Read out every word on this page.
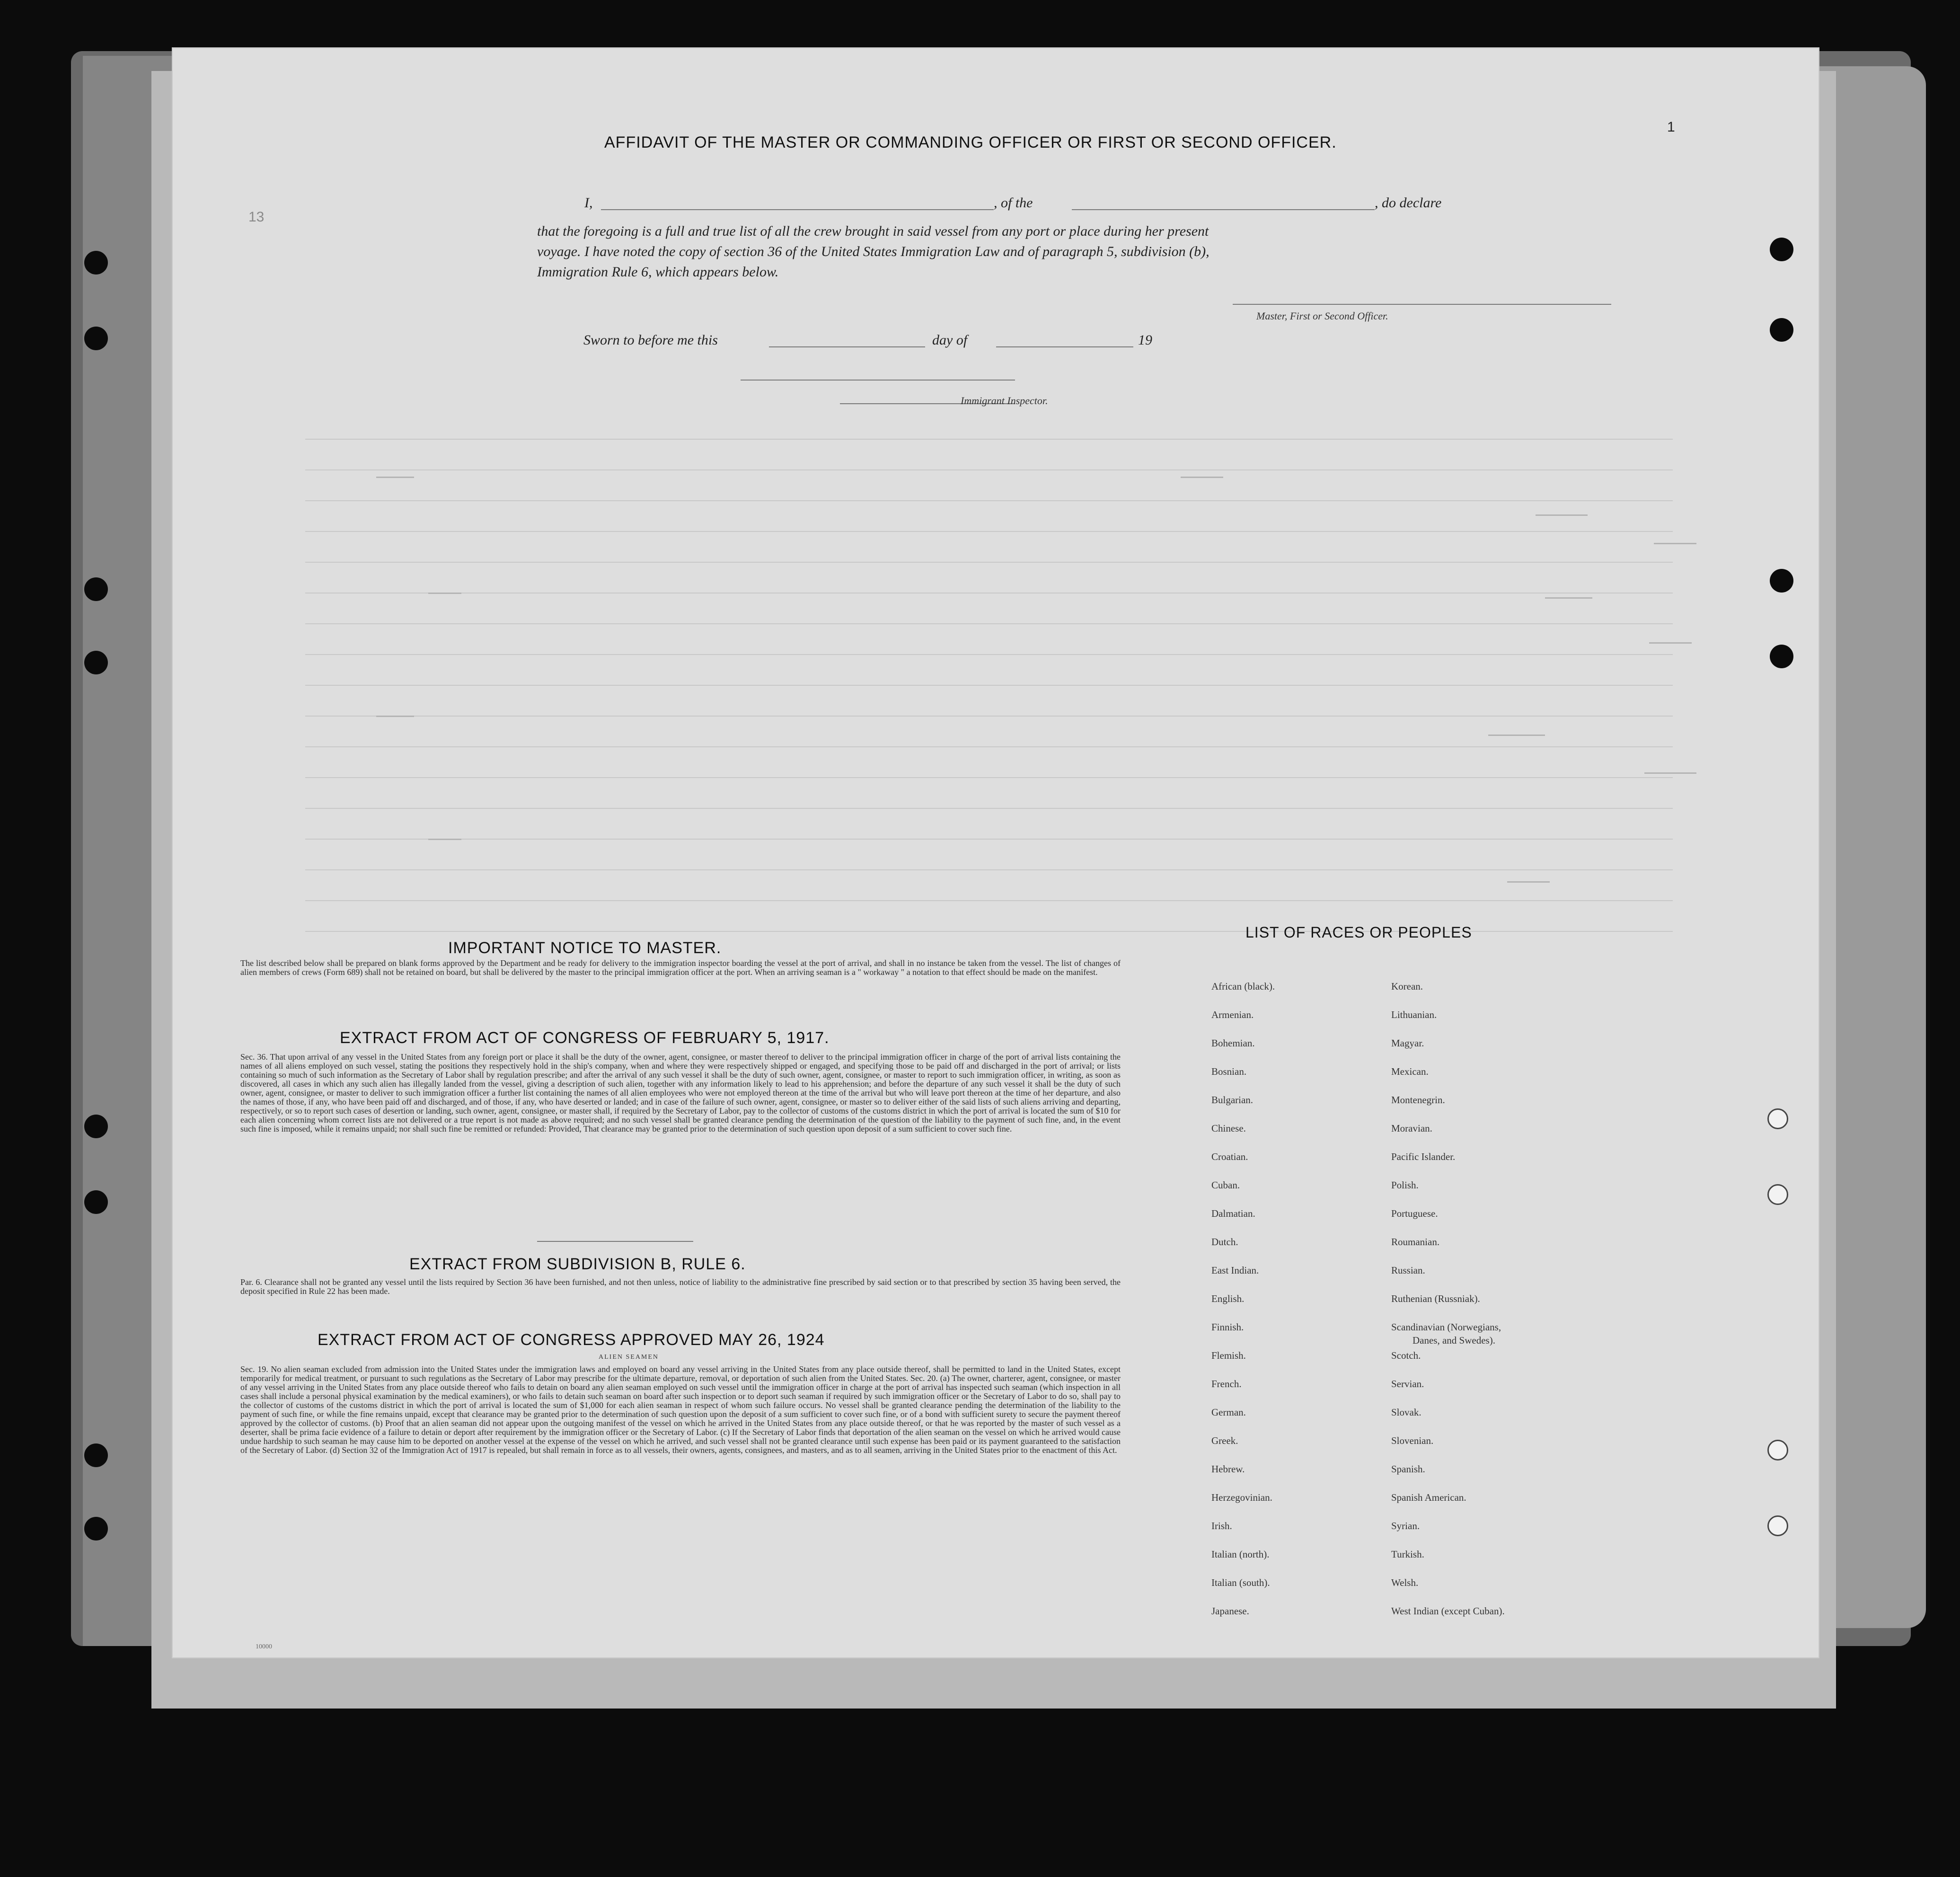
13
1
AFFIDAVIT OF THE MASTER OR COMMANDING OFFICER OR FIRST OR SECOND OFFICER.
I,	, of the	, do declare
that the foregoing is a full and true list of all the crew brought in said vessel from any port or place during her present
voyage. I have noted the copy of section 36 of the United States Immigration Law and of paragraph 5, subdivision (b),
Immigration Rule 6, which appears below.
Master, First or Second Officer.
Sworn to before me this	day of	19
Immigrant Inspector.
IMPORTANT NOTICE TO MASTER.
The list described below shall be prepared on blank forms approved by the Department and be ready for delivery to the immigration inspector boarding the vessel at the port of arrival, and shall in no instance be taken from the vessel. The list of changes of alien members of crews (Form 689) shall not be retained on board, but shall be delivered by the master to the principal immigration officer at the port. When an arriving seaman is a " workaway " a notation to that effect should be made on the manifest.
EXTRACT FROM ACT OF CONGRESS OF FEBRUARY 5, 1917.
Sec. 36. That upon arrival of any vessel in the United States from any foreign port or place it shall be the duty of the owner, agent, consignee, or master thereof to deliver to the principal immigration officer in charge of the port of arrival lists containing the names of all aliens employed on such vessel, stating the positions they respectively hold in the ship's company, when and where they were respectively shipped or engaged, and specifying those to be paid off and discharged in the port of arrival; or lists containing so much of such information as the Secretary of Labor shall by regulation prescribe; and after the arrival of any such vessel it shall be the duty of such owner, agent, consignee, or master to report to such immigration officer, in writing, as soon as discovered, all cases in which any such alien has illegally landed from the vessel, giving a description of such alien, together with any information likely to lead to his apprehension; and before the departure of any such vessel it shall be the duty of such owner, agent, consignee, or master to deliver to such immigration officer a further list containing the names of all alien employees who were not employed thereon at the time of the arrival but who will leave port thereon at the time of her departure, and also the names of those, if any, who have been paid off and discharged, and of those, if any, who have deserted or landed; and in case of the failure of such owner, agent, consignee, or master so to deliver either of the said lists of such aliens arriving and departing, respectively, or so to report such cases of desertion or landing, such owner, agent, consignee, or master shall, if required by the Secretary of Labor, pay to the collector of customs of the customs district in which the port of arrival is located the sum of $10 for each alien concerning whom correct lists are not delivered or a true report is not made as above required; and no such vessel shall be granted clearance pending the determination of the question of the liability to the payment of such fine, and, in the event such fine is imposed, while it remains unpaid; nor shall such fine be remitted or refunded: Provided, That clearance may be granted prior to the determination of such question upon deposit of a sum sufficient to cover such fine.
EXTRACT FROM SUBDIVISION B, RULE 6.
Par. 6. Clearance shall not be granted any vessel until the lists required by Section 36 have been furnished, and not then unless, notice of liability to the administrative fine prescribed by said section or to that prescribed by section 35 having been served, the deposit specified in Rule 22 has been made.
EXTRACT FROM ACT OF CONGRESS APPROVED MAY 26, 1924
ALIEN SEAMEN
Sec. 19. No alien seaman excluded from admission into the United States under the immigration laws and employed on board any vessel arriving in the United States from any place outside thereof, shall be permitted to land in the United States, except temporarily for medical treatment, or pursuant to such regulations as the Secretary of Labor may prescribe for the ultimate departure, removal, or deportation of such alien from the United States. Sec. 20. (a) The owner, charterer, agent, consignee, or master of any vessel arriving in the United States from any place outside thereof who fails to detain on board any alien seaman employed on such vessel until the immigration officer in charge at the port of arrival has inspected such seaman (which inspection in all cases shall include a personal physical examination by the medical examiners), or who fails to detain such seaman on board after such inspection or to deport such seaman if required by such immigration officer or the Secretary of Labor to do so, shall pay to the collector of customs of the customs district in which the port of arrival is located the sum of $1,000 for each alien seaman in respect of whom such failure occurs. No vessel shall be granted clearance pending the determination of the liability to the payment of such fine, or while the fine remains unpaid, except that clearance may be granted prior to the determination of such question upon the deposit of a sum sufficient to cover such fine, or of a bond with sufficient surety to secure the payment thereof approved by the collector of customs. (b) Proof that an alien seaman did not appear upon the outgoing manifest of the vessel on which he arrived in the United States from any place outside thereof, or that he was reported by the master of such vessel as a deserter, shall be prima facie evidence of a failure to detain or deport after requirement by the immigration officer or the Secretary of Labor. (c) If the Secretary of Labor finds that deportation of the alien seaman on the vessel on which he arrived would cause undue hardship to such seaman he may cause him to be deported on another vessel at the expense of the vessel on which he arrived, and such vessel shall not be granted clearance until such expense has been paid or its payment guaranteed to the satisfaction of the Secretary of Labor. (d) Section 32 of the Immigration Act of 1917 is repealed, but shall remain in force as to all vessels, their owners, agents, consignees, and masters, and as to all seamen, arriving in the United States prior to the enactment of this Act.
LIST OF RACES OR PEOPLES
African (black).
Armenian.
Bohemian.
Bosnian.
Bulgarian.
Chinese.
Croatian.
Cuban.
Dalmatian.
Dutch.
East Indian.
English.
Finnish.
Flemish.
French.
German.
Greek.
Hebrew.
Herzegovinian.
Irish.
Italian (north).
Italian (south).
Japanese.
Korean.
Lithuanian.
Magyar.
Mexican.
Montenegrin.
Moravian.
Pacific Islander.
Polish.
Portuguese.
Roumanian.
Russian.
Ruthenian (Russniak).
Scandinavian (Norwegians,
Danes, and Swedes).
Scotch.
Servian.
Slovak.
Slovenian.
Spanish.
Spanish American.
Syrian.
Turkish.
Welsh.
West Indian (except Cuban).
10000
